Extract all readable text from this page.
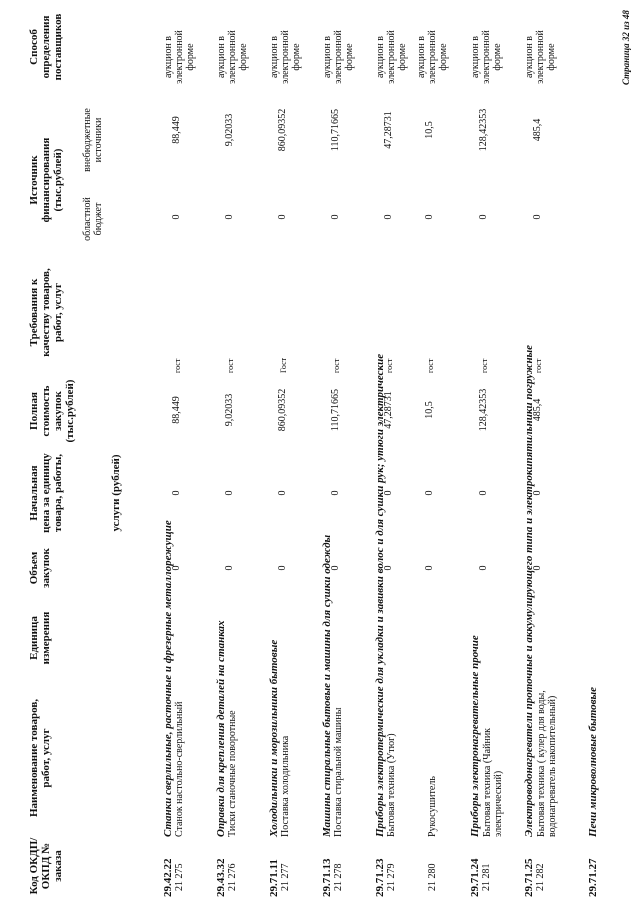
Код ОКДП/ ОКПД № заказа
Наименование товаров, работ, услуг
Единица измерения
Объем закупок
Начальная цена за единицу товара, работы,	услуги (рублей)
Полная стоимость закупок (тыс.рублей)
Требования к качеству товаров, работ, услуг
Источник финансирования (тыс.рублей)
областной бюджет
внебюджетные источники
Способ определения поставщиков
29.42.22
Станки сверлильные, расточные и фрезерные металлорежущие
21 275
Станок настольно-сверлильный
0
0
88,449
гост
0
88,449
аукцион в электронной форме
29.43.32
Оправки для крепления деталей на станках
21 276
Тиски станочные поворотные
0
0
9,02033
гост
0
9,02033
аукцион в электронной форме
29.71.11
Холодильники и морозильники бытовые
21 277
Поставка холодильника
0
0
860,09352
Гост
0
860,09352
аукцион в электронной форме
29.71.13
Машины стиральные бытовые и машины для сушки одежды
21 278
Поставка стиральной машины
0
0
110,71665
гост
0
110,71665
аукцион в электронной форме
29.71.23
Приборы электротермические для укладки и завивки волос и для сушки рук; утюги электрические
21 279
Бытовая техника (Утюг)
0
0
47,28731
гост
0
47,28731
аукцион в электронной форме
21 280
Рукосушитель
0
0
10,5
гост
0
10,5
аукцион в электронной форме
29.71.24
Приборы электронагревательные прочие
21 281
Бытовая техника (Чайник электрический)
0
0
128,42353
гост
0
128,42353
аукцион в электронной форме
29.71.25
Электроводонагреватели проточные и аккумулирующего типа и электрокипятильники погружные
21 282
Бытовая техника ( кулер для воды, водонагреватель накопительный)
0
0
485,4
гост
0
485,4
аукцион в электронной форме
29.71.27
Печи микроволновые бытовые
Страница 32 из 48
